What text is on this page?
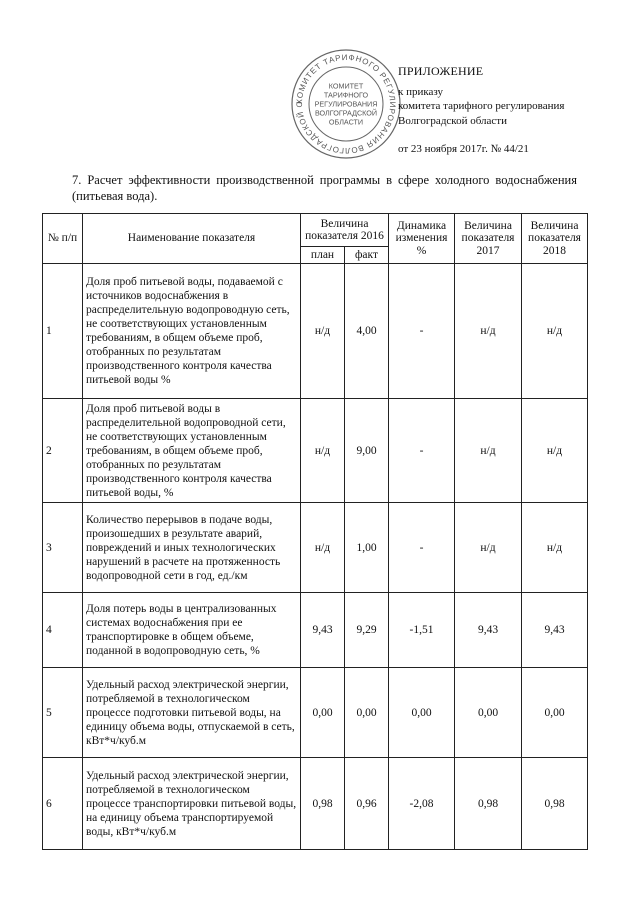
КОМИТЕТ ТАРИФНОГО РЕГУЛИРОВАНИЯ ВОЛГОГРАДСКОЙ О
КОМИТЕТ
ТАРИФНОГО
РЕГУЛИРОВАНИЯ
ВОЛГОГРАДСКОЙ
ОБЛАСТИ
ПРИЛОЖЕНИЕ
к приказу
комитета тарифного регулирования
Волгоградской области
от 23 ноября 2017г. № 44/21
7. Расчет эффективности производственной программы в сфере холодного водоснабжения (питьевая вода).
№ п/п	Наименование показателя	Величина показателя 2016		Динамика изменения %	Величина показателя 2017	Величина показателя 2018
		план	факт			
1	Доля проб питьевой воды, подаваемой с источников водоснабжения в распределительную водопроводную сеть, не соответствующих установленным требованиям, в общем объеме проб, отобранных по результатам производственного контроля качества питьевой воды %	н/д	4,00	-	н/д	н/д
2	Доля проб питьевой воды в распределительной водопроводной сети, не соответствующих установленным требованиям, в общем объеме проб, отобранных по результатам производственного контроля качества питьевой воды, %	н/д	9,00	-	н/д	н/д
3	Количество перерывов в подаче воды, произошедших в результате аварий, повреждений и иных технологических нарушений в расчете на протяженность водопроводной сети в год, ед./км	н/д	1,00	-	н/д	н/д
4	Доля потерь воды в централизованных системах водоснабжения при ее транспортировке в общем объеме, поданной в водопроводную сеть, %	9,43	9,29	-1,51	9,43	9,43
5	Удельный расход электрической энергии, потребляемой в технологическом процессе подготовки питьевой воды, на единицу объема воды, отпускаемой в сеть, кВт*ч/куб.м	0,00	0,00	0,00	0,00	0,00
6	Удельный расход электрической энергии, потребляемой в технологическом процессе транспортировки питьевой воды, на единицу объема транспортируемой воды, кВт*ч/куб.м	0,98	0,96	-2,08	0,98	0,98
